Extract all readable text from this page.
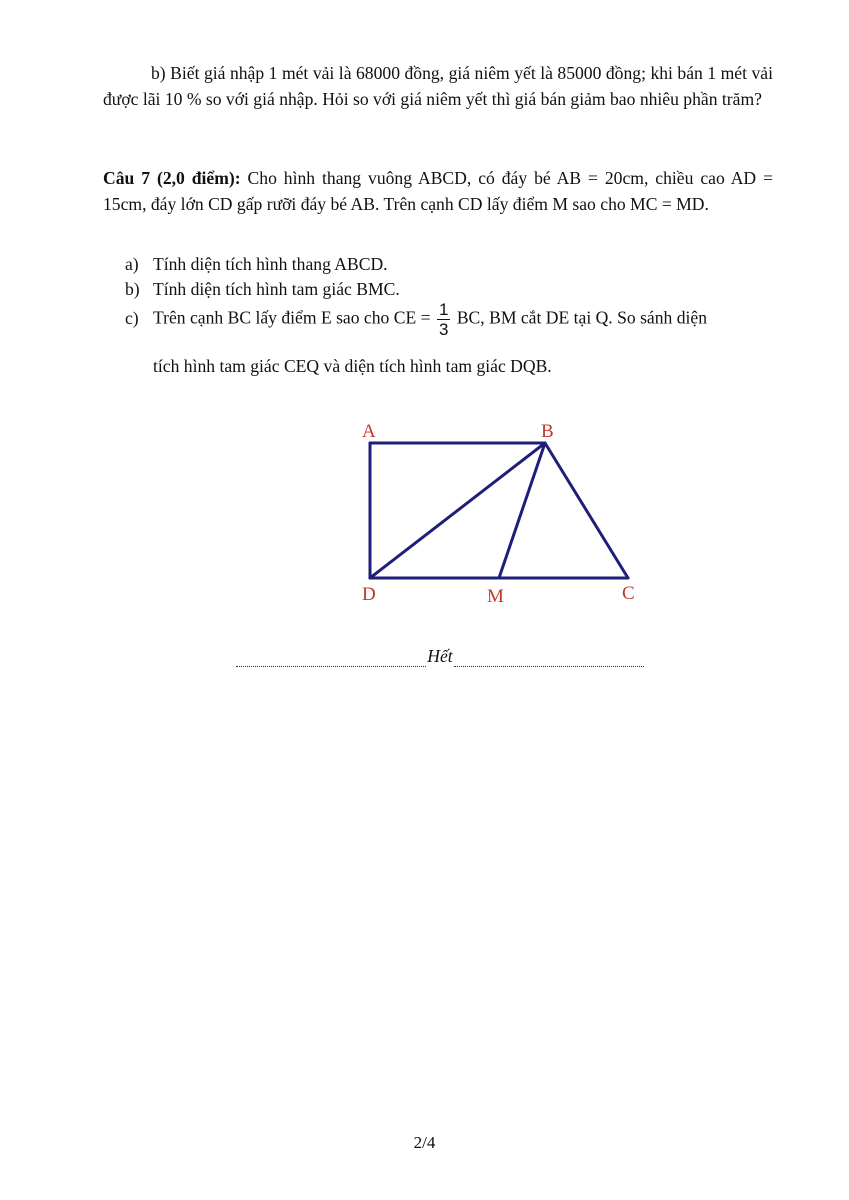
b) Biết giá nhập 1 mét vải là 68000 đồng, giá niêm yết là 85000 đồng; khi bán 1 mét vải được lãi 10 % so với giá nhập. Hỏi so với giá niêm yết thì giá bán giảm bao nhiêu phần trăm?
Câu 7 (2,0 điểm): Cho hình thang vuông ABCD, có đáy bé AB = 20cm, chiều cao AD = 15cm, đáy lớn CD gấp rưỡi đáy bé AB. Trên cạnh CD lấy điểm M sao cho MC = MD.
a) Tính diện tích hình thang ABCD.
b) Tính diện tích hình tam giác BMC.
c) Trên cạnh BC lấy điểm E sao cho CE = $\frac{1}{3}$ BC, BM cắt DE tại Q. So sánh diện
tích hình tam giác CEQ và diện tích hình tam giác DQB.
A	B
D	M	C
Hết
2/4
